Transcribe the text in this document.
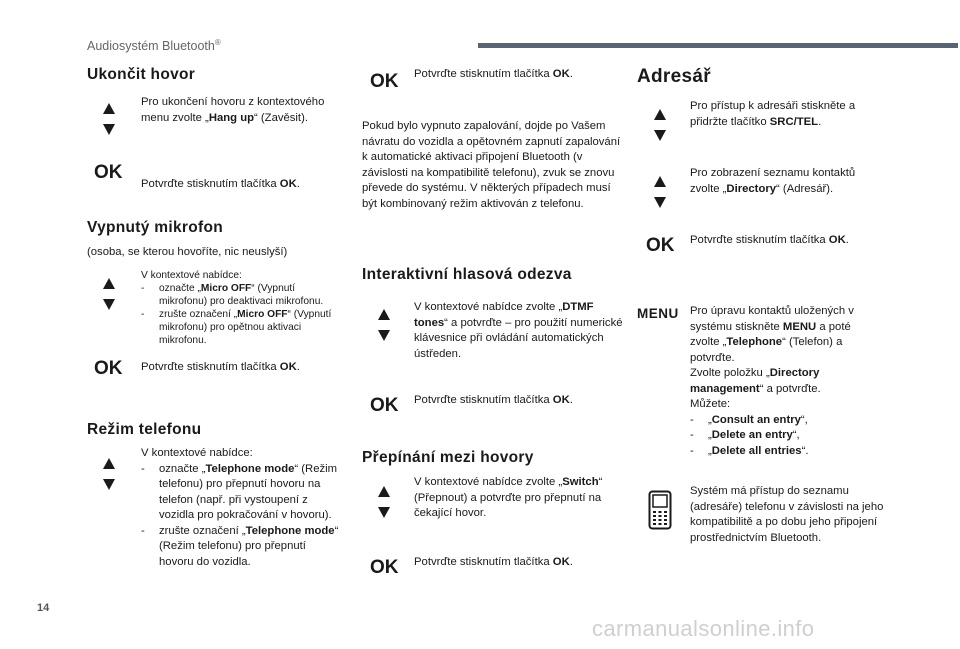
Audiosystém Bluetooth®
Ukončit hovor
Pro ukončení hovoru z kontextového menu zvolte „Hang up“ (Zavěsit).
OK
Potvrďte stisknutím tlačítka OK.
Vypnutý mikrofon
(osoba, se kterou hovoříte, nic neuslyší)

V kontextové nabídce:

-	označte „Micro OFF“ (Vypnutí mikrofonu) pro deaktivaci mikrofonu.
-	zrušte označení „Micro OFF“ (Vypnutí mikrofonu) pro opětnou aktivaci mikrofonu.
OK Potvrďte stisknutím tlačítka OK.
Režim telefonu

V kontextové nabídce:

-	označte „Telephone mode“ (Režim telefonu) pro přepnutí hovoru na telefon (např. při vystoupení z vozidla pro pokračování v hovoru).
-	zrušte označení „Telephone mode“ (Režim telefonu) pro přepnutí hovoru do vozidla.
OK Potvrďte stisknutím tlačítka OK.
Pokud bylo vypnuto zapalování, dojde po Vašem návratu do vozidla a opětovném zapnutí zapalování k automatické aktivaci připojení Bluetooth (v závislosti na kompatibilitě telefonu), zvuk se znovu převede do systému. V některých případech musí být kombinovaný režim aktivován z telefonu.
Interaktivní hlasová odezva
V kontextové nabídce zvolte „DTMF tones“ a potvrďte – pro použití numerické klávesnice při ovládání automatických ústředen.
OK Potvrďte stisknutím tlačítka OK.
Přepínání mezi hovory
V kontextové nabídce zvolte „Switch“ (Přepnout) a potvrďte pro přepnutí na čekající hovor.
OK Potvrďte stisknutím tlačítka OK.
Adresář
Pro přístup k adresáři stiskněte a přidržte tlačítko SRC/TEL.
Pro zobrazení seznamu kontaktů zvolte „Directory“ (Adresář).
OK Potvrďte stisknutím tlačítka OK.
MENU Pro úpravu kontaktů uložených v systému stiskněte MENU a poté zvolte „Telephone“ (Telefon) a potvrďte.

Zvolte položku „Directory management“ a potvrďte.

Můžete:

-	„Consult an entry“,
-	„Delete an entry“,
-	„Delete all entries“.
Systém má přístup do seznamu (adresáře) telefonu v závislosti na jeho kompatibilitě a po dobu jeho připojení prostřednictvím Bluetooth.
14
carmanualsonline.info
